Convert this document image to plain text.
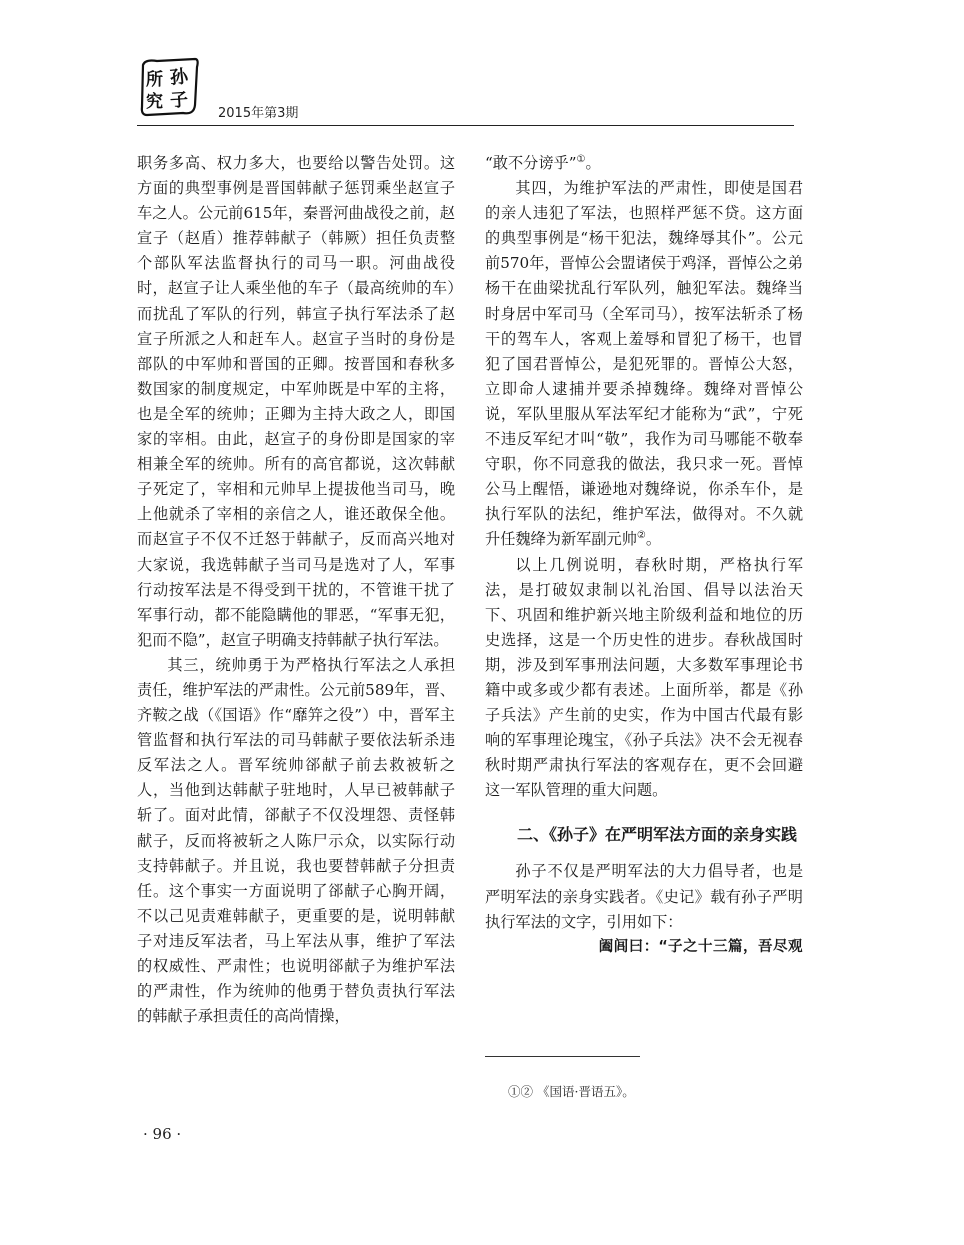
所
究
孙
子
2015年第3期

职务多高、权力多大，也要给以警告处罚。这方面的典型事例是晋国韩献子惩罚乘坐赵宣子车之人。公元前615年，秦晋河曲战役之前，赵宣子（赵盾）推荐韩献子（韩厥）担任负责整个部队军法监督执行的司马一职。河曲战役时，赵宣子让人乘坐他的车子（最高统帅的车）而扰乱了军队的行列，韩宣子执行军法杀了赵宣子所派之人和赶车人。赵宣子当时的身份是部队的中军帅和晋国的正卿。按晋国和春秋多数国家的制度规定，中军帅既是中军的主将，也是全军的统帅；正卿为主持大政之人，即国家的宰相。由此，赵宣子的身份即是国家的宰相兼全军的统帅。所有的高官都说，这次韩献子死定了，宰相和元帅早上提拔他当司马，晚上他就杀了宰相的亲信之人，谁还敢保全他。而赵宣子不仅不迁怒于韩献子，反而高兴地对大家说，我选韩献子当司马是选对了人，军事行动按军法是不得受到干扰的，不管谁干扰了军事行动，都不能隐瞒他的罪恶，“军事无犯，犯而不隐”，赵宣子明确支持韩献子执行军法。

其三，统帅勇于为严格执行军法之人承担责任，维护军法的严肃性。公元前589年，晋、齐鞍之战（《国语》作“靡笄之役”）中，晋军主管监督和执行军法的司马韩献子要依法斩杀违反军法之人。晋军统帅郤献子前去救被斩之人，当他到达韩献子驻地时，人早已被韩献子斩了。面对此情，郤献子不仅没埋怨、责怪韩献子，反而将被斩之人陈尸示众，以实际行动支持韩献子。并且说，我也要替韩献子分担责任。这个事实一方面说明了郤献子心胸开阔，不以己见责难韩献子，更重要的是，说明韩献子对违反军法者，马上军法从事，维护了军法的权威性、严肃性；也说明郤献子为维护军法的严肃性，作为统帅的他勇于替负责执行军法的韩献子承担责任的高尚情操，

“敢不分谤乎”①。

其四，为维护军法的严肃性，即使是国君的亲人违犯了军法，也照样严惩不贷。这方面的典型事例是“杨干犯法，魏绛辱其仆”。公元前570年，晋悼公会盟诸侯于鸡泽，晋悼公之弟杨干在曲梁扰乱行军队列，触犯军法。魏绛当时身居中军司马（全军司马），按军法斩杀了杨干的驾车人，客观上羞辱和冒犯了杨干，也冒犯了国君晋悼公，是犯死罪的。晋悼公大怒，立即命人逮捕并要杀掉魏绛。魏绛对晋悼公说，军队里服从军法军纪才能称为“武”，宁死不违反军纪才叫“敬”，我作为司马哪能不敬奉守职，你不同意我的做法，我只求一死。晋悼公马上醒悟，谦逊地对魏绛说，你杀车仆，是执行军队的法纪，维护军法，做得对。不久就升任魏绛为新军副元帅②。

以上几例说明，春秋时期，严格执行军法，是打破奴隶制以礼治国、倡导以法治天下、巩固和维护新兴地主阶级利益和地位的历史选择，这是一个历史性的进步。春秋战国时期，涉及到军事刑法问题，大多数军事理论书籍中或多或少都有表述。上面所举，都是《孙子兵法》产生前的史实，作为中国古代最有影响的军事理论瑰宝，《孙子兵法》决不会无视春秋时期严肃执行军法的客观存在，更不会回避这一军队管理的重大问题。

二、《孙子》在严明军法方面的亲身实践

孙子不仅是严明军法的大力倡导者，也是严明军法的亲身实践者。《史记》载有孙子严明执行军法的文字，引用如下：

阖闾曰：“子之十三篇，吾尽观

①② 《国语·晋语五》。
· 96 ·
